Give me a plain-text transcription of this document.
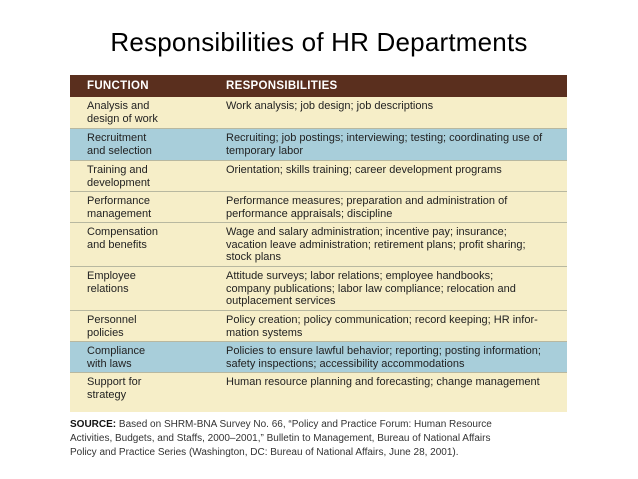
Responsibilities of HR Departments
FUNCTION	RESPONSIBILITIES
Analysis and
design of work
Work analysis; job design; job descriptions
Recruitment
and selection
Recruiting; job postings; interviewing; testing; coordinating use of
temporary labor
Training and
development
Orientation; skills training; career development programs
Performance
management
Performance measures; preparation and administration of
performance appraisals; discipline
Compensation
and benefits
Wage and salary administration; incentive pay; insurance;
vacation leave administration; retirement plans; profit sharing;
stock plans
Employee
relations
Attitude surveys; labor relations; employee handbooks;
company publications; labor law compliance; relocation and
outplacement services
Personnel
policies
Policy creation; policy communication; record keeping; HR infor-
mation systems
Compliance
with laws
Policies to ensure lawful behavior; reporting; posting information;
safety inspections; accessibility accommodations
Support for
strategy
Human resource planning and forecasting; change management
SOURCE: Based on SHRM-BNA Survey No. 66, “Policy and Practice Forum: Human Resource
Activities, Budgets, and Staffs, 2000–2001,” Bulletin to Management, Bureau of National Affairs
Policy and Practice Series (Washington, DC: Bureau of National Affairs, June 28, 2001).
